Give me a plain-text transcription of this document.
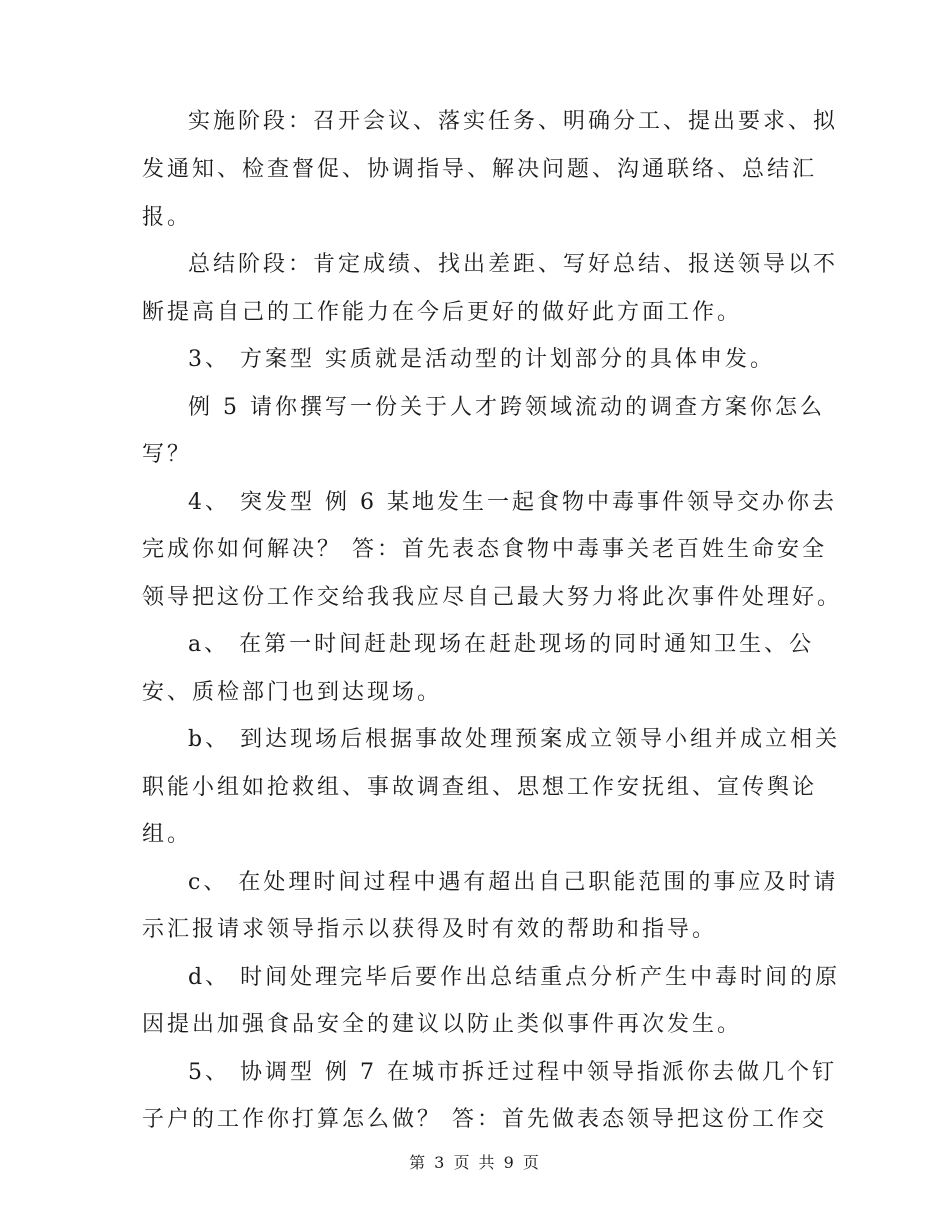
实施阶段：召开会议、落实任务、明确分工、提出要求、拟
发通知、检查督促、协调指导、解决问题、沟通联络、总结汇
报。
总结阶段：肯定成绩、找出差距、写好总结、报送领导以不
断提高自己的工作能力在今后更好的做好此方面工作。
3、 方案型 实质就是活动型的计划部分的具体申发。
例 5 请你撰写一份关于人才跨领域流动的调查方案你怎么
写？
4、 突发型 例 6 某地发生一起食物中毒事件领导交办你去
完成你如何解决？ 答：首先表态食物中毒事关老百姓生命安全
领导把这份工作交给我我应尽自己最大努力将此次事件处理好。
a、 在第一时间赶赴现场在赶赴现场的同时通知卫生、公
安、质检部门也到达现场。
b、 到达现场后根据事故处理预案成立领导小组并成立相关
职能小组如抢救组、事故调查组、思想工作安抚组、宣传舆论
组。
c、 在处理时间过程中遇有超出自己职能范围的事应及时请
示汇报请求领导指示以获得及时有效的帮助和指导。
d、 时间处理完毕后要作出总结重点分析产生中毒时间的原
因提出加强食品安全的建议以防止类似事件再次发生。
5、 协调型 例 7 在城市拆迁过程中领导指派你去做几个钉
子户的工作你打算怎么做？ 答：首先做表态领导把这份工作交
第 3 页 共 9 页
